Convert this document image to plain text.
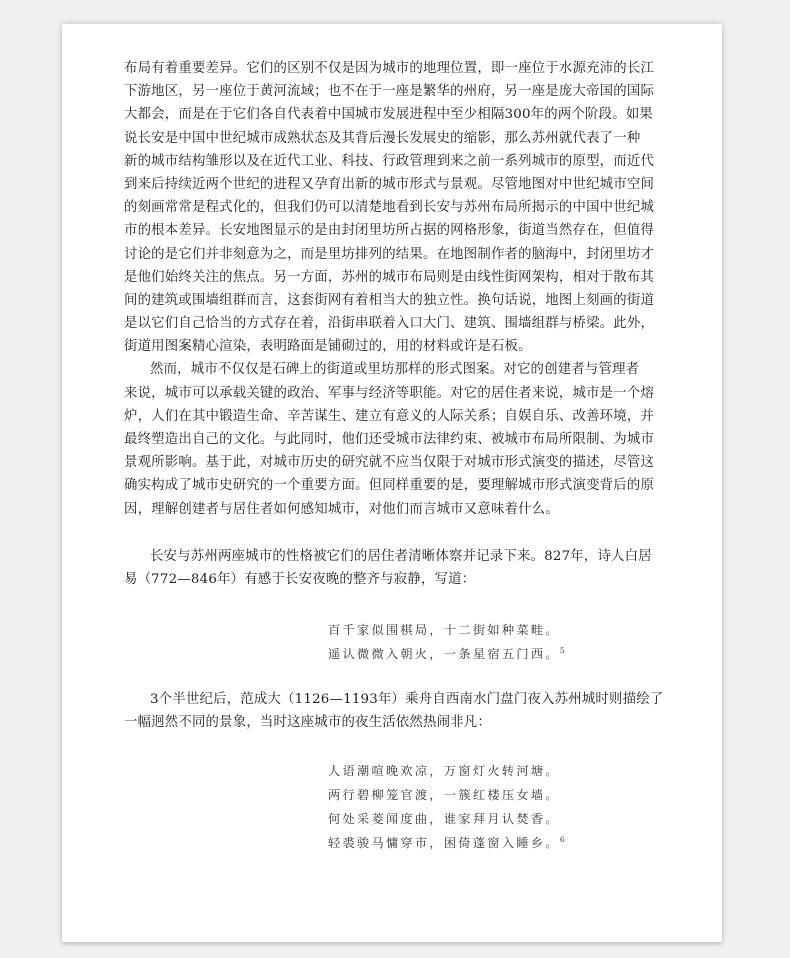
布局有着重要差异。它们的区别不仅是因为城市的地理位置，即一座位于水源充沛的长江
下游地区，另一座位于黄河流域；也不在于一座是繁华的州府，另一座是庞大帝国的国际
大都会，而是在于它们各自代表着中国城市发展进程中至少相隔300年的两个阶段。如果
说长安是中国中世纪城市成熟状态及其背后漫长发展史的缩影，那么苏州就代表了一种
新的城市结构雏形以及在近代工业、科技、行政管理到来之前一系列城市的原型，而近代
到来后持续近两个世纪的进程又孕育出新的城市形式与景观。尽管地图对中世纪城市空间
的刻画常常是程式化的，但我们仍可以清楚地看到长安与苏州布局所揭示的中国中世纪城
市的根本差异。长安地图显示的是由封闭里坊所占据的网格形象，街道当然存在，但值得
讨论的是它们并非刻意为之，而是里坊排列的结果。在地图制作者的脑海中，封闭里坊才
是他们始终关注的焦点。另一方面，苏州的城市布局则是由线性街网架构，相对于散布其
间的建筑或围墙组群而言，这套街网有着相当大的独立性。换句话说，地图上刻画的街道
是以它们自己恰当的方式存在着，沿街串联着入口大门、建筑、围墙组群与桥梁。此外，
街道用图案精心渲染，表明路面是铺砌过的，用的材料或许是石板。
然而，城市不仅仅是石碑上的街道或里坊那样的形式图案。对它的创建者与管理者
来说，城市可以承载关键的政治、军事与经济等职能。对它的居住者来说，城市是一个熔
炉，人们在其中锻造生命、辛苦谋生、建立有意义的人际关系；自娱自乐、改善环境，并
最终塑造出自己的文化。与此同时，他们还受城市法律约束、被城市布局所限制、为城市
景观所影响。基于此，对城市历史的研究就不应当仅限于对城市形式演变的描述，尽管这
确实构成了城市史研究的一个重要方面。但同样重要的是，要理解城市形式演变背后的原
因，理解创建者与居住者如何感知城市，对他们而言城市又意味着什么。
长安与苏州两座城市的性格被它们的居住者清晰体察并记录下来。827年，诗人白居
易（772—846年）有感于长安夜晚的整齐与寂静，写道：
百千家似围棋局，十二街如种菜畦。
遥认微微入朝火，一条星宿五门西。$^5$
3个半世纪后，范成大（1126—1193年）乘舟自西南水门盘门夜入苏州城时则描绘了
一幅迥然不同的景象，当时这座城市的夜生活依然热闹非凡：
人语潮喧晚欢凉，万窗灯火转河塘。
两行碧柳笼官渡，一簇红楼压女墙。
何处采菱闻度曲，谁家拜月认焚香。
轻裘骏马慵穿市，困倚蓬窗入睡乡。$^6$
